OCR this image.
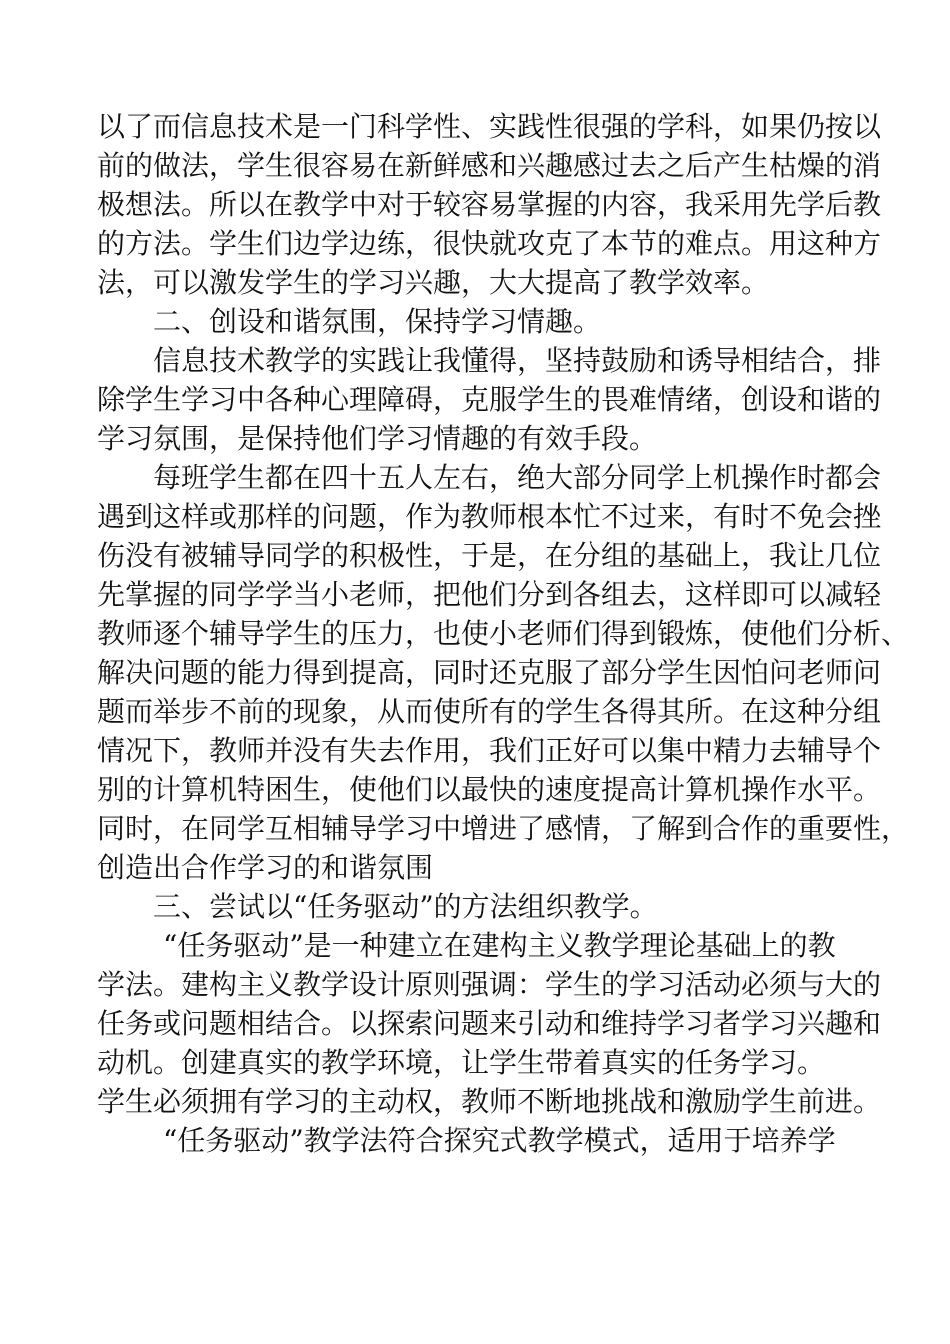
以了而信息技术是一门科学性、实践性很强的学科，如果仍按以
前的做法，学生很容易在新鲜感和兴趣感过去之后产生枯燥的消
极想法。所以在教学中对于较容易掌握的内容，我采用先学后教
的方法。学生们边学边练，很快就攻克了本节的难点。用这种方
法，可以激发学生的学习兴趣，大大提高了教学效率。
二、创设和谐氛围，保持学习情趣。
信息技术教学的实践让我懂得，坚持鼓励和诱导相结合，排
除学生学习中各种心理障碍，克服学生的畏难情绪，创设和谐的
学习氛围，是保持他们学习情趣的有效手段。
每班学生都在四十五人左右，绝大部分同学上机操作时都会
遇到这样或那样的问题，作为教师根本忙不过来，有时不免会挫
伤没有被辅导同学的积极性，于是，在分组的基础上，我让几位
先掌握的同学学当小老师，把他们分到各组去，这样即可以减轻
教师逐个辅导学生的压力，也使小老师们得到锻炼，使他们分析、
解决问题的能力得到提高，同时还克服了部分学生因怕问老师问
题而举步不前的现象，从而使所有的学生各得其所。在这种分组
情况下，教师并没有失去作用，我们正好可以集中精力去辅导个
别的计算机特困生，使他们以最快的速度提高计算机操作水平。
同时，在同学互相辅导学习中增进了感情，了解到合作的重要性，
创造出合作学习的和谐氛围
三、尝试以“任务驱动”的方法组织教学。
“任务驱动”是一种建立在建构主义教学理论基础上的教
学法。建构主义教学设计原则强调：学生的学习活动必须与大的
任务或问题相结合。以探索问题来引动和维持学习者学习兴趣和
动机。创建真实的教学环境，让学生带着真实的任务学习。
学生必须拥有学习的主动权，教师不断地挑战和激励学生前进。
“任务驱动”教学法符合探究式教学模式，适用于培养学
